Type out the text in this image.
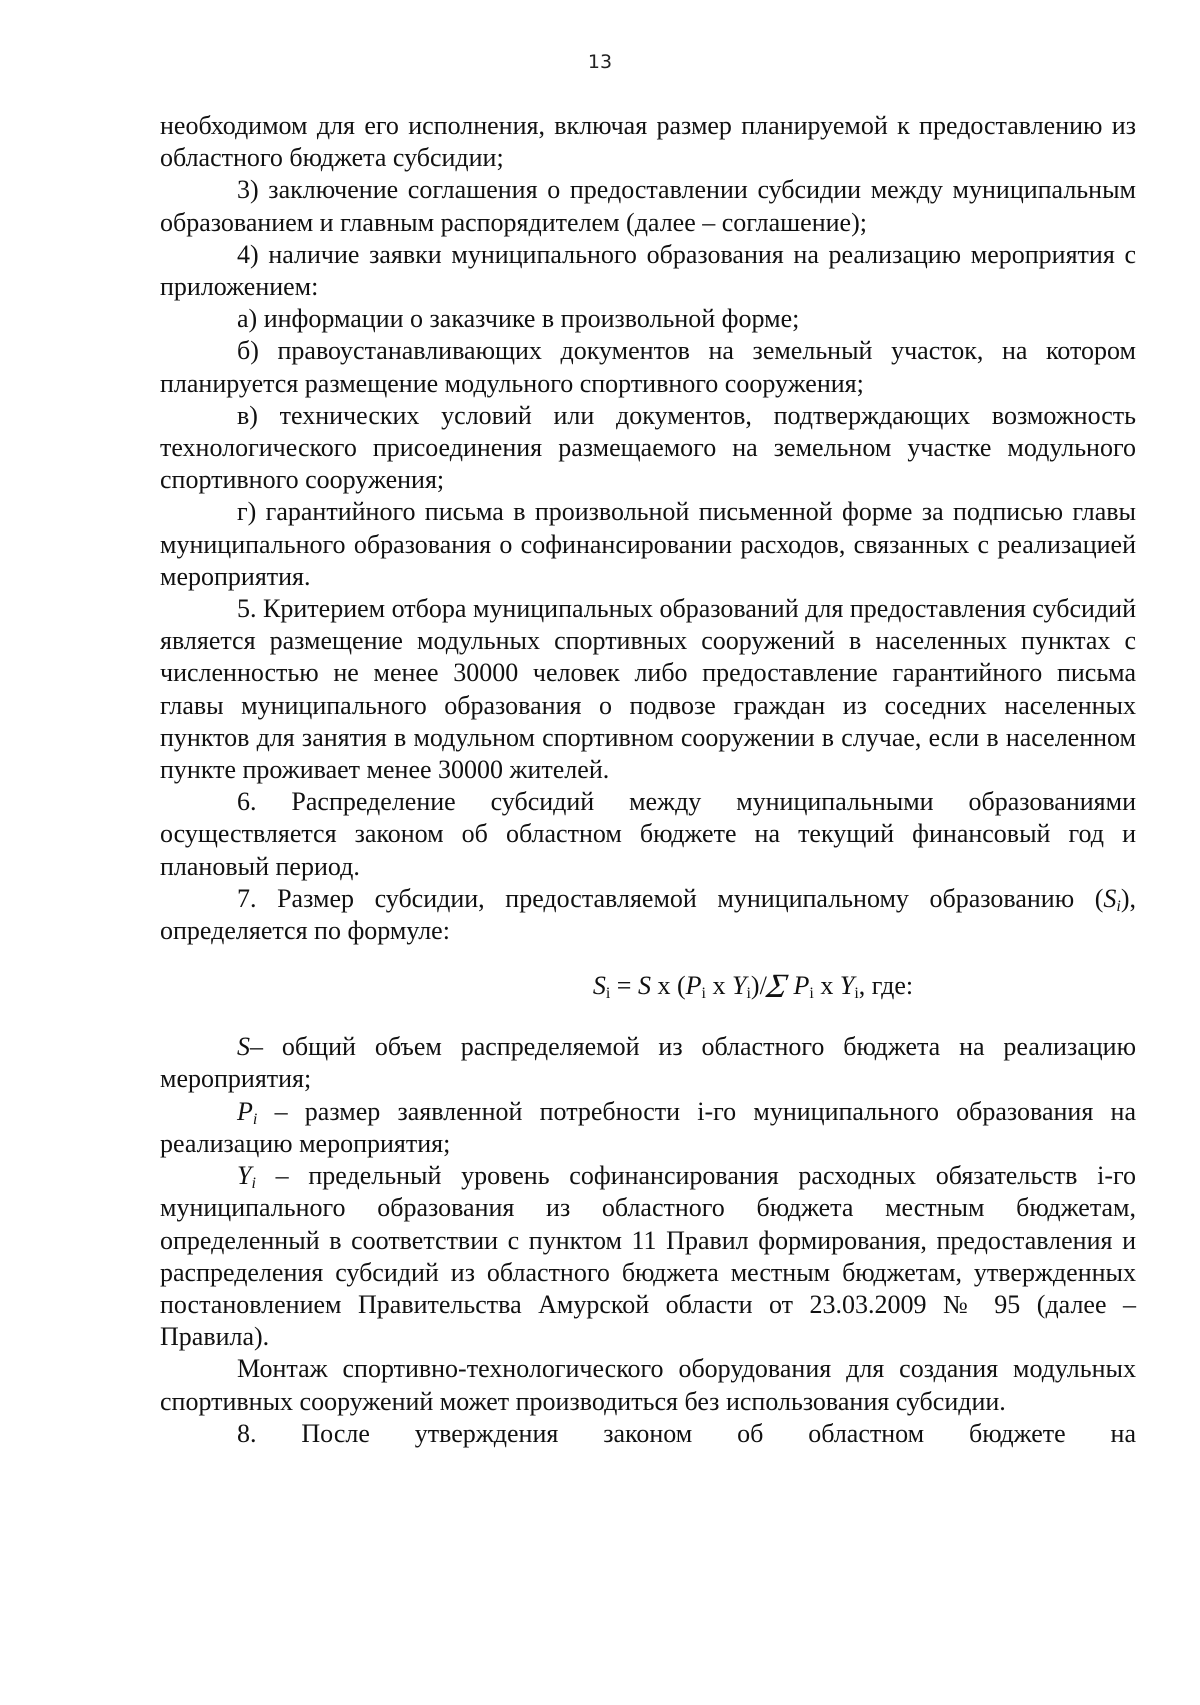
13

необходимом для его исполнения, включая размер планируемой к предоставлению из областного бюджета субсидии;

3) заключение соглашения о предоставлении субсидии между муниципальным образованием и главным распорядителем (далее – соглашение);

4) наличие заявки муниципального образования на реализацию мероприятия с приложением:

а) информации о заказчике в произвольной форме;

б) правоустанавливающих документов на земельный участок, на котором планируется размещение модульного спортивного сооружения;

в) технических условий или документов, подтверждающих возможность технологического присоединения размещаемого на земельном участке модульного спортивного сооружения;

г) гарантийного письма в произвольной письменной форме за подписью главы муниципального образования о софинансировании расходов, связанных с реализацией мероприятия.

5. Критерием отбора муниципальных образований для предоставления субсидий является размещение модульных спортивных сооружений в населенных пунктах с численностью не менее 30000 человек либо предоставление гарантийного письма главы муниципального образования о подвозе граждан из соседних населенных пунктов для занятия в модульном спортивном сооружении в случае, если в населенном пункте проживает менее 30000 жителей.

6. Распределение субсидий между муниципальными образованиями осуществляется законом об областном бюджете на текущий финансовый год и плановый период.

7. Размер субсидии, предоставляемой муниципальному образованию $(S_i)$, определяется по формуле:

$S_i = S$ x ($P_i$ x $Y_i)/\Sigma$ $P_i$ x $Y_i$, где:

S– общий объем распределяемой из областного бюджета на реализацию мероприятия;

$P_i$ – размер заявленной потребности i-го муниципального образования на реализацию мероприятия;

$Y_i$ – предельный уровень софинансирования расходных обязательств i-го муниципального образования из областного бюджета местным бюджетам, определенный в соответствии с пунктом 11 Правил формирования, предоставления и распределения субсидий из областного бюджета местным бюджетам, утвержденных постановлением Правительства Амурской области от 23.03.2009 № 95 (далее – Правила).

Монтаж спортивно-технологического оборудования для создания модульных спортивных сооружений может производиться без использования субсидии.

8. После утверждения законом об областном бюджете на
